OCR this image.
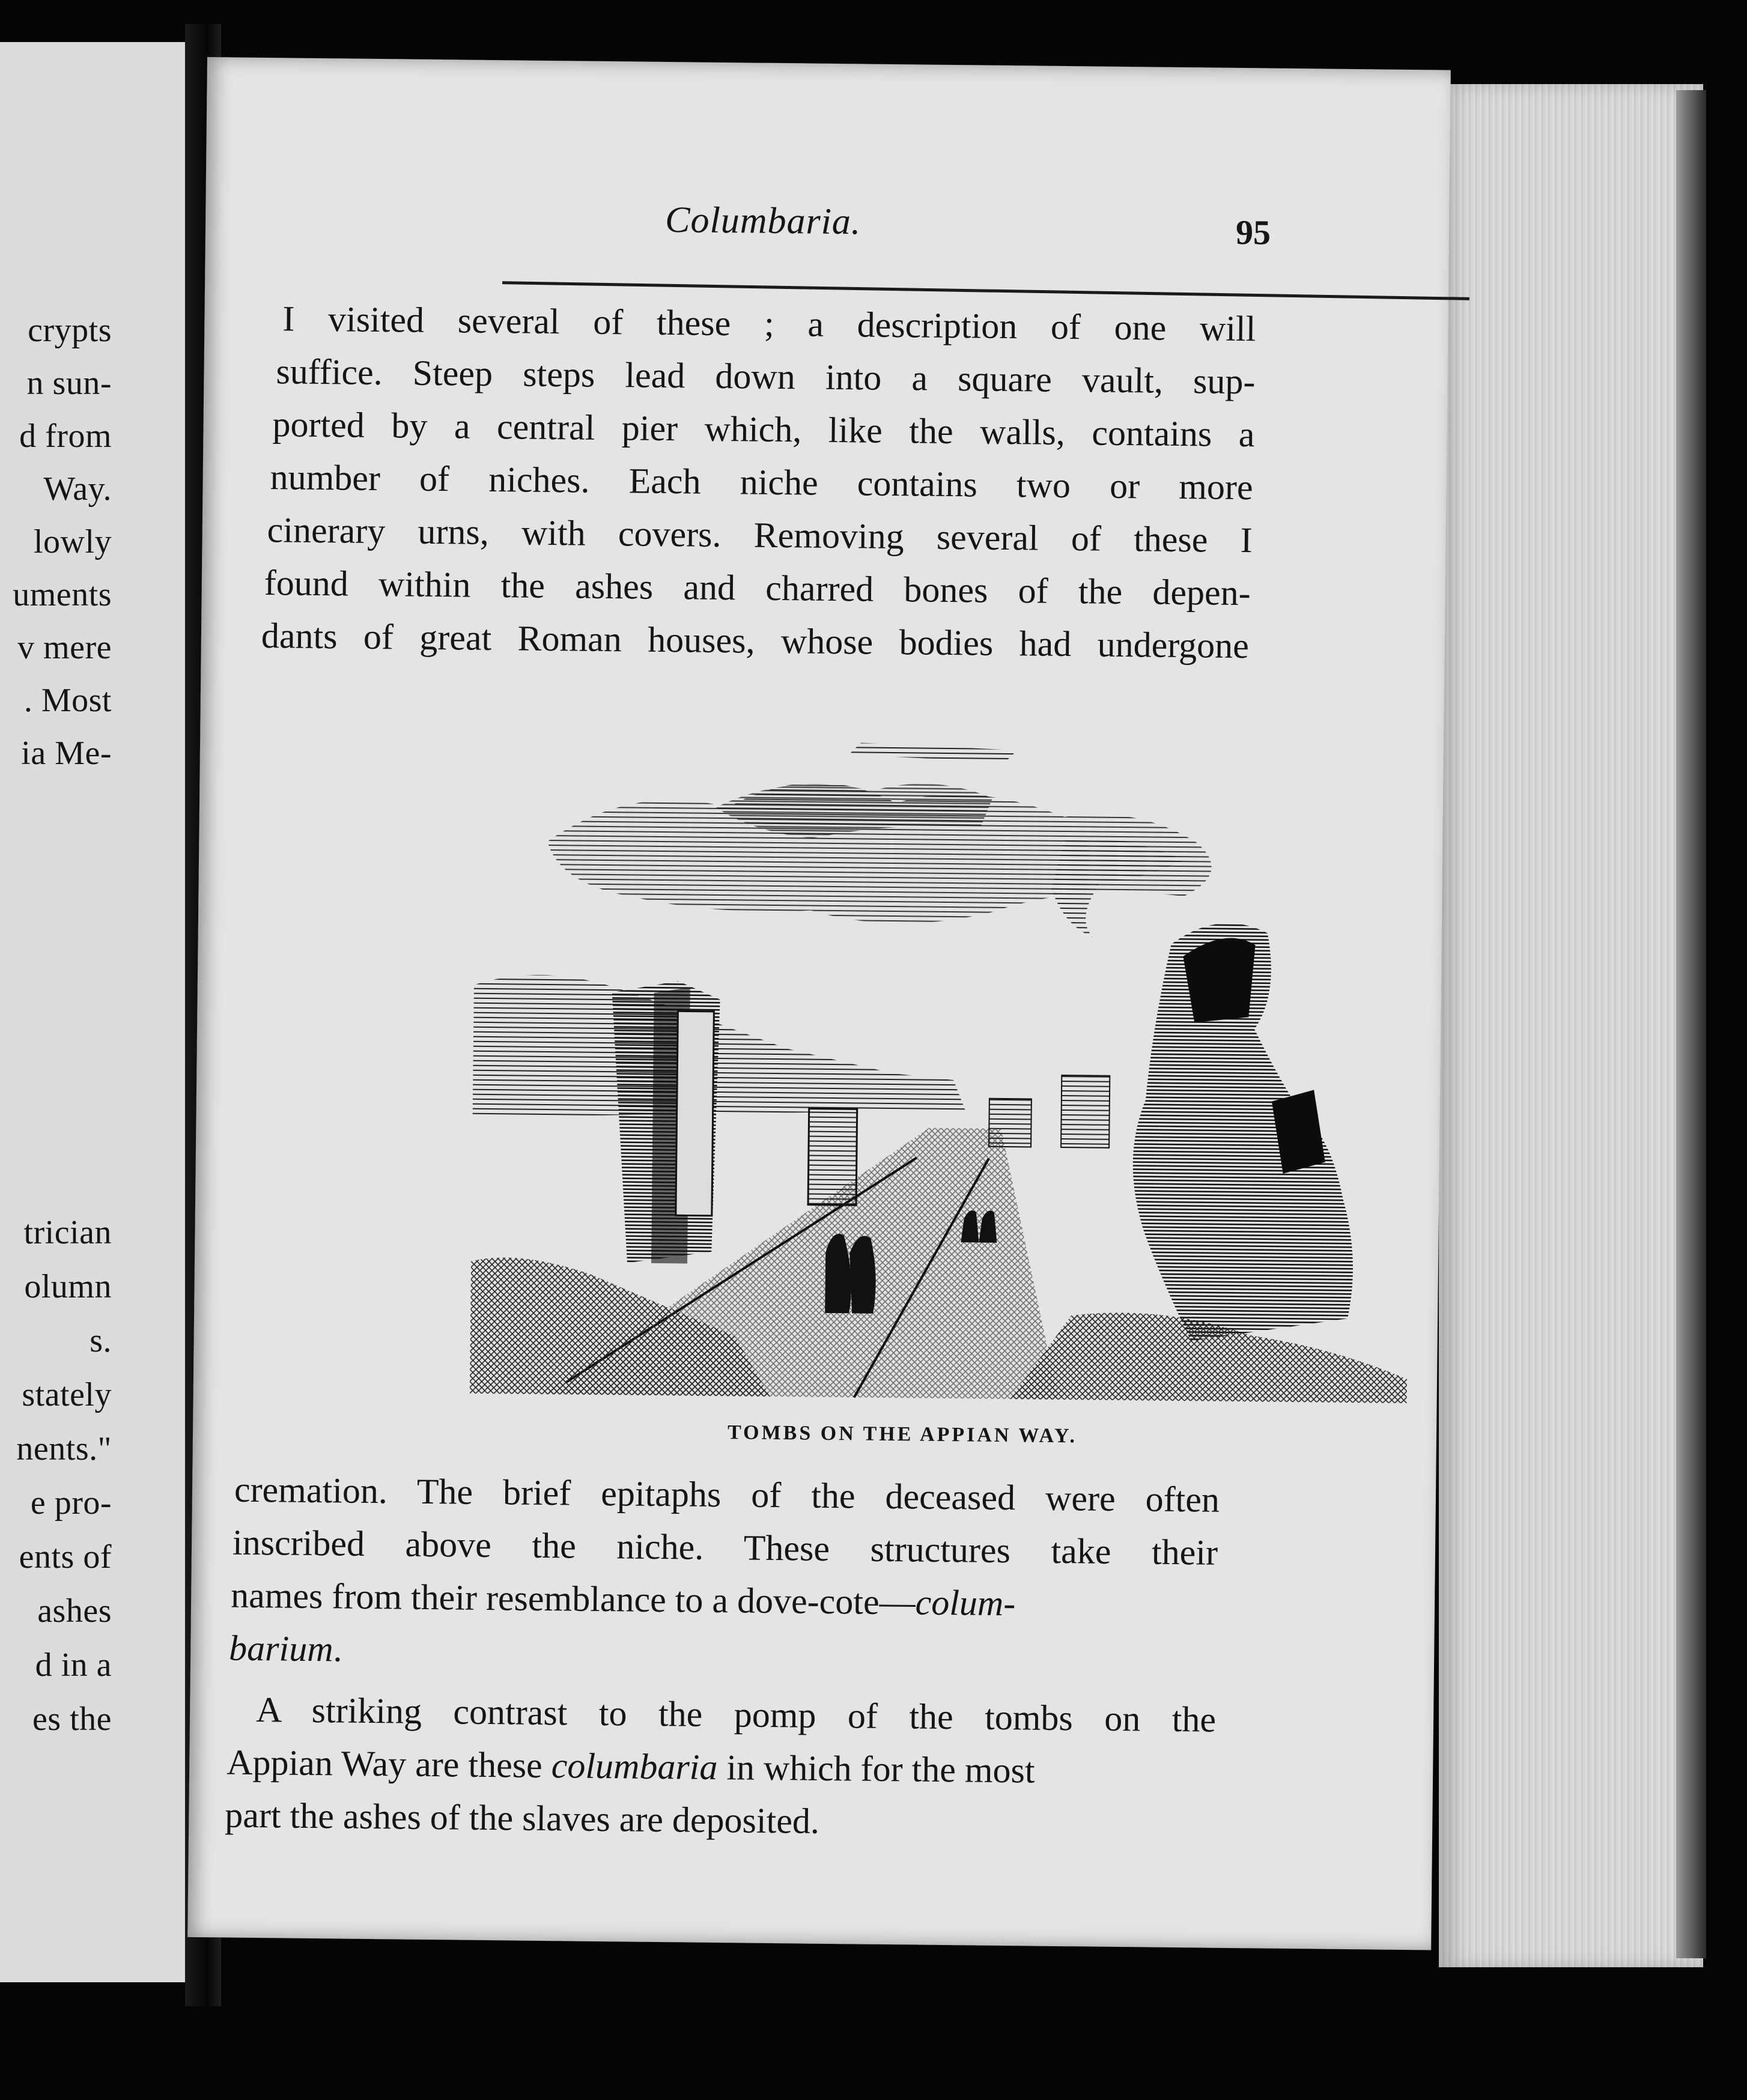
crypts
n sun-
d from
Way.
lowly
uments
v mere
. Most
ia Me-
trician
olumn
s.
stately
nents."
e pro-
ents of
ashes
d in a
es the
Columbaria.	95
I visited several of these ; a description of one will
suffice. Steep steps lead down into a square vault, sup-
ported by a central pier which, like the walls, contains a
number of niches. Each niche contains two or more
cinerary urns, with covers. Removing several of these I
found within the ashes and charred bones of the depen-
dants of great Roman houses, whose bodies had undergone
TOMBS ON THE APPIAN WAY.
cremation. The brief epitaphs of the deceased were often
inscribed above the niche. These structures take their
names from their resemblance to a dove-cote—colum-
barium.
A striking contrast to the pomp of the tombs on the
Appian Way are these columbaria in which for the most
part the ashes of the slaves are deposited.
